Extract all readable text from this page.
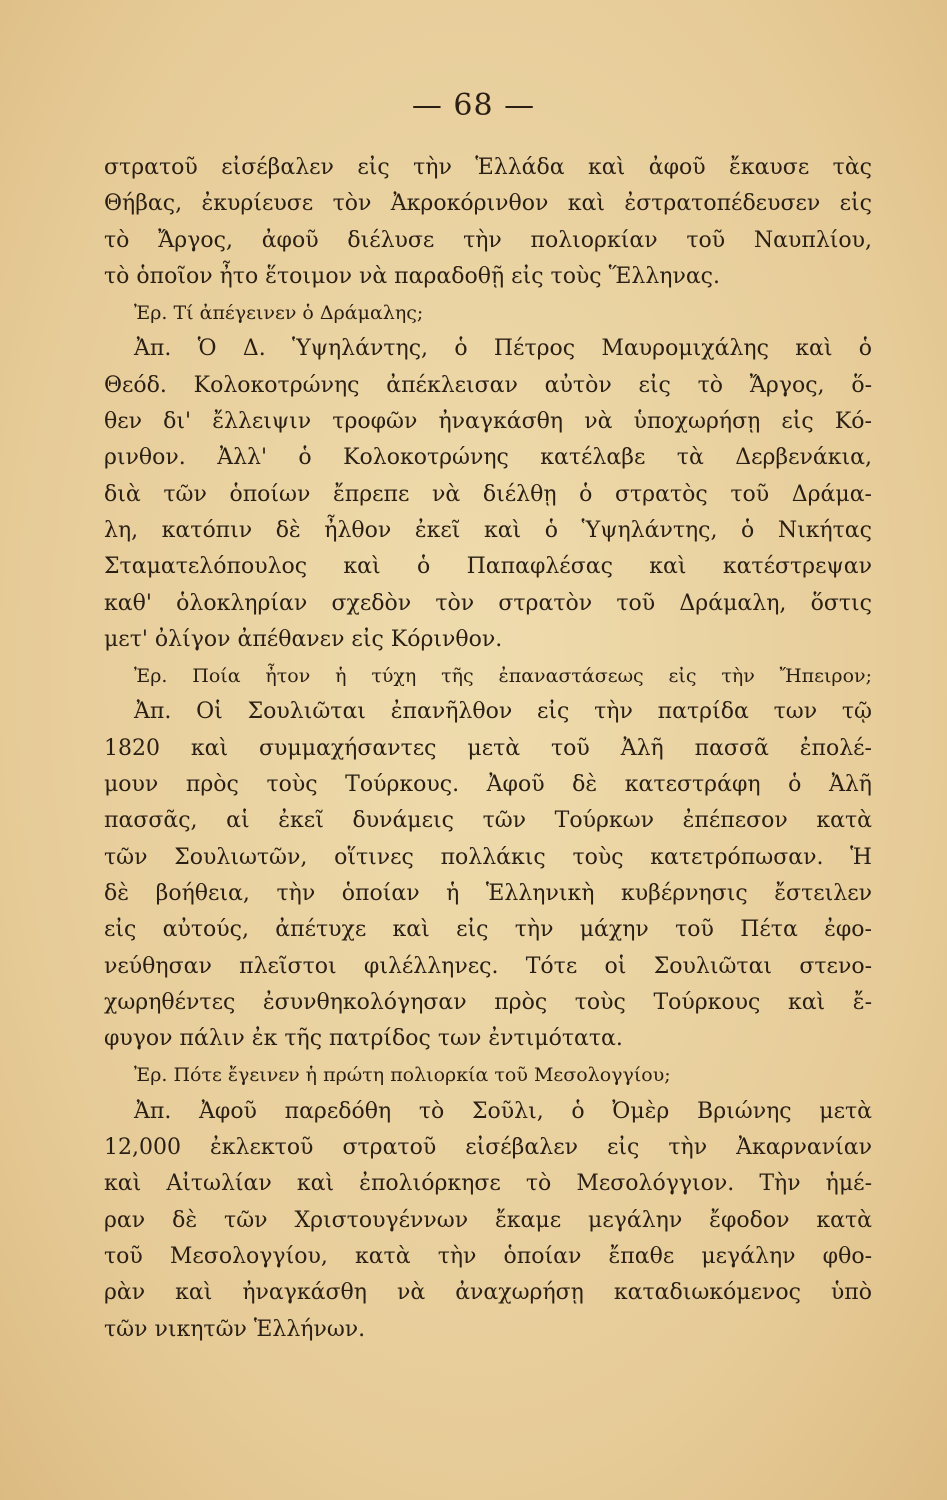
— 68 —
στρατοῦ εἰσέβαλεν εἰς τὴν Ἑλλάδα καὶ ἀφοῦ ἔκαυσε τὰς
Θήβας, ἐκυρίευσε τὸν Ἀκροκόρινθον καὶ ἐστρατοπέδευσεν εἰς
τὸ Ἄργος, ἀφοῦ διέλυσε τὴν πολιορκίαν τοῦ Ναυπλίου,
τὸ ὁποῖον ἦτο ἕτοιμον νὰ παραδοθῇ εἰς τοὺς Ἕλληνας.
Ἐρ. Τί ἀπέγεινεν ὁ Δράμαλης;
Ἀπ. Ὁ Δ. Ὑψηλάντης, ὁ Πέτρος Μαυρομιχάλης καὶ ὁ
Θεόδ. Κολοκοτρώνης ἀπέκλεισαν αὐτὸν εἰς τὸ Ἄργος, ὅ-
θεν δι' ἔλλειψιν τροφῶν ἠναγκάσθη νὰ ὑποχωρήσῃ εἰς Κό-
ρινθον. Ἀλλ' ὁ Κολοκοτρώνης κατέλαβε τὰ Δερβενάκια,
διὰ τῶν ὁποίων ἔπρεπε νὰ διέλθῃ ὁ στρατὸς τοῦ Δράμα-
λη, κατόπιν δὲ ἦλθον ἐκεῖ καὶ ὁ Ὑψηλάντης, ὁ Νικήτας
Σταματελόπουλος καὶ ὁ Παπαφλέσας καὶ κατέστρεψαν
καθ' ὁλοκληρίαν σχεδὸν τὸν στρατὸν τοῦ Δράμαλη, ὅστις
μετ' ὀλίγον ἀπέθανεν εἰς Κόρινθον.
Ἐρ. Ποία ἦτον ἡ τύχη τῆς ἐπαναστάσεως εἰς τὴν Ἤπειρον;
Ἀπ. Οἱ Σουλιῶται ἐπανῆλθον εἰς τὴν πατρίδα των τῷ
1820 καὶ συμμαχήσαντες μετὰ τοῦ Ἀλῆ πασσᾶ ἐπολέ-
μουν πρὸς τοὺς Τούρκους. Ἀφοῦ δὲ κατεστράφη ὁ Ἀλῆ
πασσᾶς, αἱ ἐκεῖ δυνάμεις τῶν Τούρκων ἐπέπεσον κατὰ
τῶν Σουλιωτῶν, οἵτινες πολλάκις τοὺς κατετρόπωσαν. Ἡ
δὲ βοήθεια, τὴν ὁποίαν ἡ Ἑλληνικὴ κυβέρνησις ἔστειλεν
εἰς αὐτούς, ἀπέτυχε καὶ εἰς τὴν μάχην τοῦ Πέτα ἐφο-
νεύθησαν πλεῖστοι φιλέλληνες. Τότε οἱ Σουλιῶται στενο-
χωρηθέντες ἐσυνθηκολόγησαν πρὸς τοὺς Τούρκους καὶ ἔ-
φυγον πάλιν ἐκ τῆς πατρίδος των ἐντιμότατα.
Ἐρ. Πότε ἔγεινεν ἡ πρώτη πολιορκία τοῦ Μεσολογγίου;
Ἀπ. Ἀφοῦ παρεδόθη τὸ Σοῦλι, ὁ Ὀμὲρ Βριώνης μετὰ
12,000 ἐκλεκτοῦ στρατοῦ εἰσέβαλεν εἰς τὴν Ἀκαρνανίαν
καὶ Αἰτωλίαν καὶ ἐπολιόρκησε τὸ Μεσολόγγιον. Τὴν ἡμέ-
ραν δὲ τῶν Χριστουγέννων ἔκαμε μεγάλην ἔφοδον κατὰ
τοῦ Μεσολογγίου, κατὰ τὴν ὁποίαν ἔπαθε μεγάλην φθο-
ρὰν καὶ ἠναγκάσθη νὰ ἀναχωρήσῃ καταδιωκόμενος ὑπὸ
τῶν νικητῶν Ἑλλήνων.
